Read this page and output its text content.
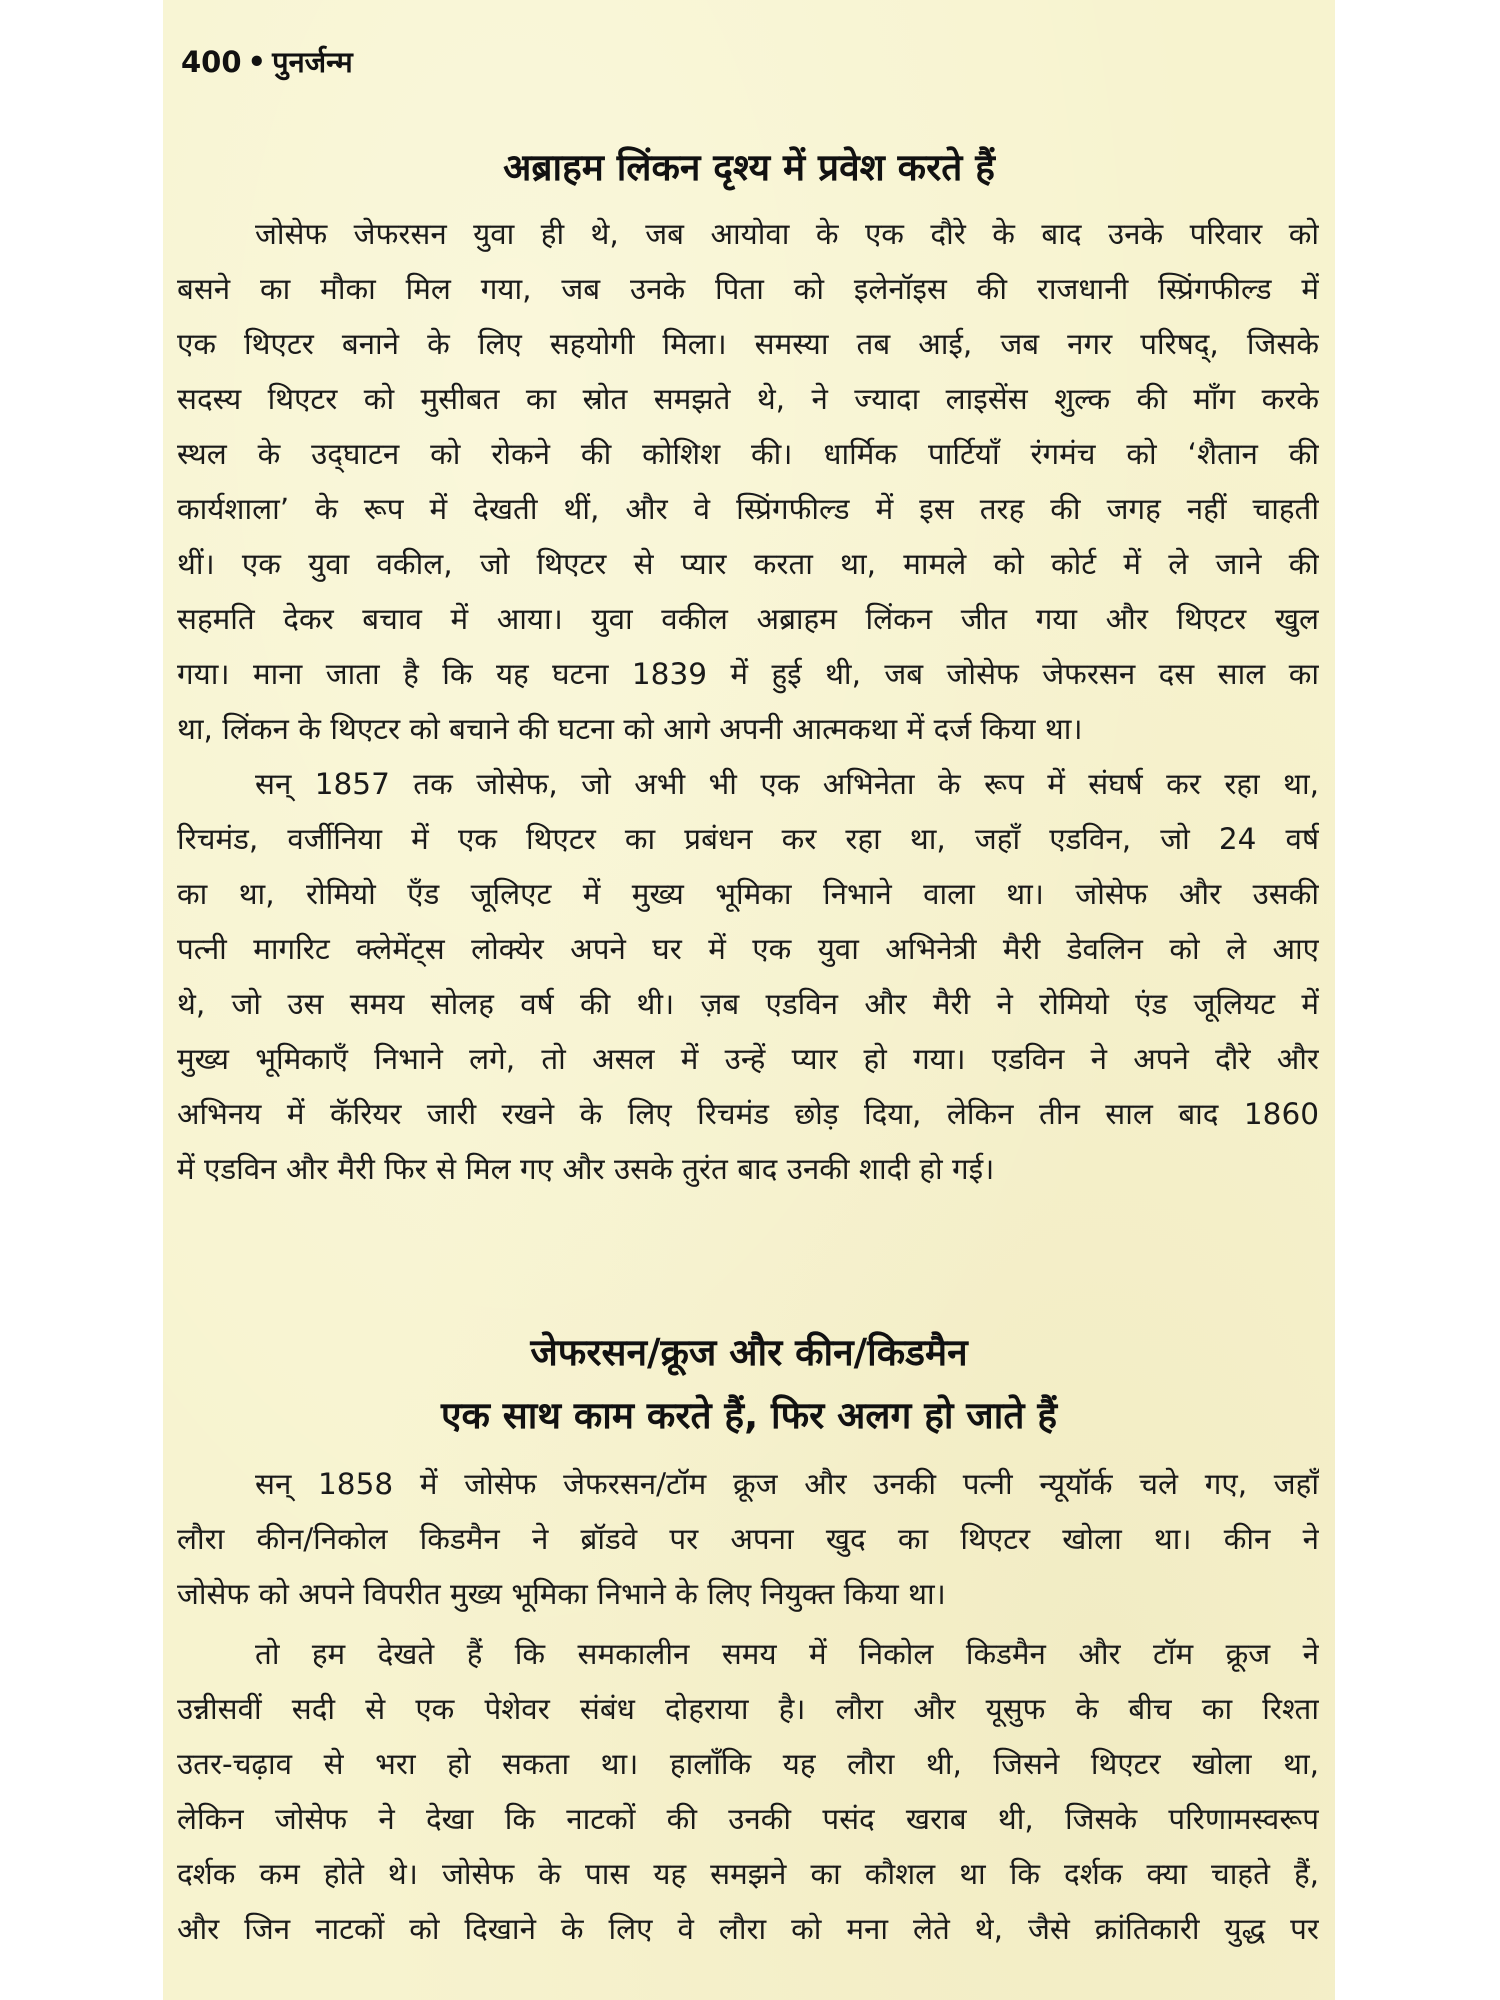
400 • पुनर्जन्म
अब्राहम लिंकन दृश्य में प्रवेश करते हैं
जोसेफ जेफरसन युवा ही थे, जब आयोवा के एक दौरे के बाद उनके परिवार को
बसने का मौका मिल गया, जब उनके पिता को इलेनॉइस की राजधानी स्प्रिंगफील्ड में
एक थिएटर बनाने के लिए सहयोगी मिला। समस्या तब आई, जब नगर परिषद्, जिसके
सदस्य थिएटर को मुसीबत का स्रोत समझते थे, ने ज्यादा लाइसेंस शुल्क की माँग करके
स्थल के उद्‌घाटन को रोकने की कोशिश की। धार्मिक पार्टियाँ रंगमंच को ‘शैतान की
कार्यशाला’ के रूप में देखती थीं, और वे स्प्रिंगफील्ड में इस तरह की जगह नहीं चाहती
थीं। एक युवा वकील, जो थिएटर से प्यार करता था, मामले को कोर्ट में ले जाने की
सहमति देकर बचाव में आया। युवा वकील अब्राहम लिंकन जीत गया और थिएटर खुल
गया। माना जाता है कि यह घटना 1839 में हुई थी, जब जोसेफ जेफरसन दस साल का
था, लिंकन के थिएटर को बचाने की घटना को आगे अपनी आत्मकथा में दर्ज किया था।
सन् 1857 तक जोसेफ, जो अभी भी एक अभिनेता के रूप में संघर्ष कर रहा था,
रिचमंड, वर्जीनिया में एक थिएटर का प्रबंधन कर रहा था, जहाँ एडविन, जो 24 वर्ष
का था, रोमियो ऍंड जूलिएट में मुख्य भूमिका निभाने वाला था। जोसेफ और उसकी
पत्नी मागरिट क्लेमेंट्स लोक्येर अपने घर में एक युवा अभिनेत्री मैरी डेवलिन को ले आए
थे, जो उस समय सोलह वर्ष की थी। ज़ब एडविन और मैरी ने रोमियो एंड जूलियट में
मुख्य भूमिकाएँ निभाने लगे, तो असल में उन्हें प्यार हो गया। एडविन ने अपने दौरे और
अभिनय में कॅरियर जारी रखने के लिए रिचमंड छोड़ दिया, लेकिन तीन साल बाद 1860
में एडविन और मैरी फिर से मिल गए और उसके तुरंत बाद उनकी शादी हो गई।
जेफरसन/क्रूज और कीन/किडमैन
एक साथ काम करते हैं, फिर अलग हो जाते हैं
सन् 1858 में जोसेफ जेफरसन/टॉम क्रूज और उनकी पत्नी न्यूयॉर्क चले गए, जहाँ
लौरा कीन/निकोल किडमैन ने ब्रॉडवे पर अपना खुद का थिएटर खोला था। कीन ने
जोसेफ को अपने विपरीत मुख्य भूमिका निभाने के लिए नियुक्त किया था।
तो हम देखते हैं कि समकालीन समय में निकोल किडमैन और टॉम क्रूज ने
उन्नीसवीं सदी से एक पेशेवर संबंध दोहराया है। लौरा और यूसुफ के बीच का रिश्ता
उतर-चढ़ाव से भरा हो सकता था। हालाँकि यह लौरा थी, जिसने थिएटर खोला था,
लेकिन जोसेफ ने देखा कि नाटकों की उनकी पसंद खराब थी, जिसके परिणामस्वरूप
दर्शक कम होते थे। जोसेफ के पास यह समझने का कौशल था कि दर्शक क्या चाहते हैं,
और जिन नाटकों को दिखाने के लिए वे लौरा को मना लेते थे, जैसे क्रांतिकारी युद्ध पर
